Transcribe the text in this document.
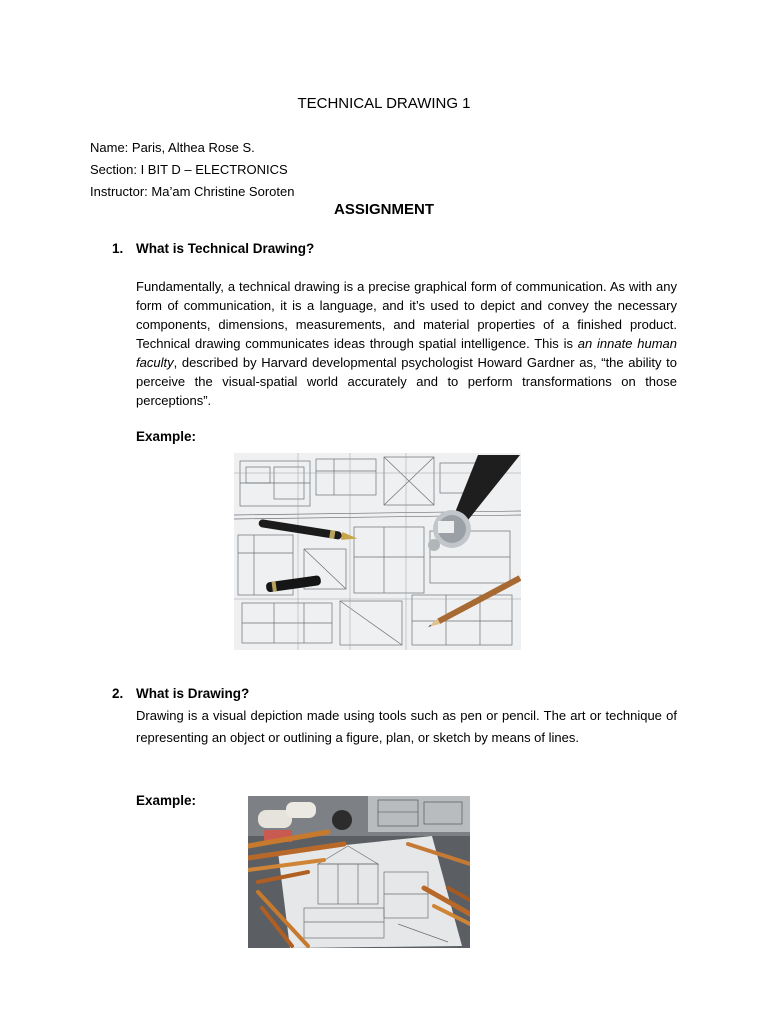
TECHNICAL DRAWING 1
Name: Paris, Althea Rose S.
Section: I BIT D – ELECTRONICS
Instructor: Ma’am Christine Soroten
ASSIGNMENT
1. What is Technical Drawing?

Fundamentally, a technical drawing is a precise graphical form of communication. As with any form of communication, it is a language, and it’s used to depict and convey the necessary components, dimensions, measurements, and material properties of a finished product. Technical drawing communicates ideas through spatial intelligence. This is an innate human faculty, described by Harvard developmental psychologist Howard Gardner as, “the ability to perceive the visual-spatial world accurately and to perform transformations on those perceptions”.

Example:
2. What is Drawing?

Drawing is a visual depiction made using tools such as pen or pencil. The art or technique of representing an object or outlining a figure, plan, or sketch by means of lines.

Example:
